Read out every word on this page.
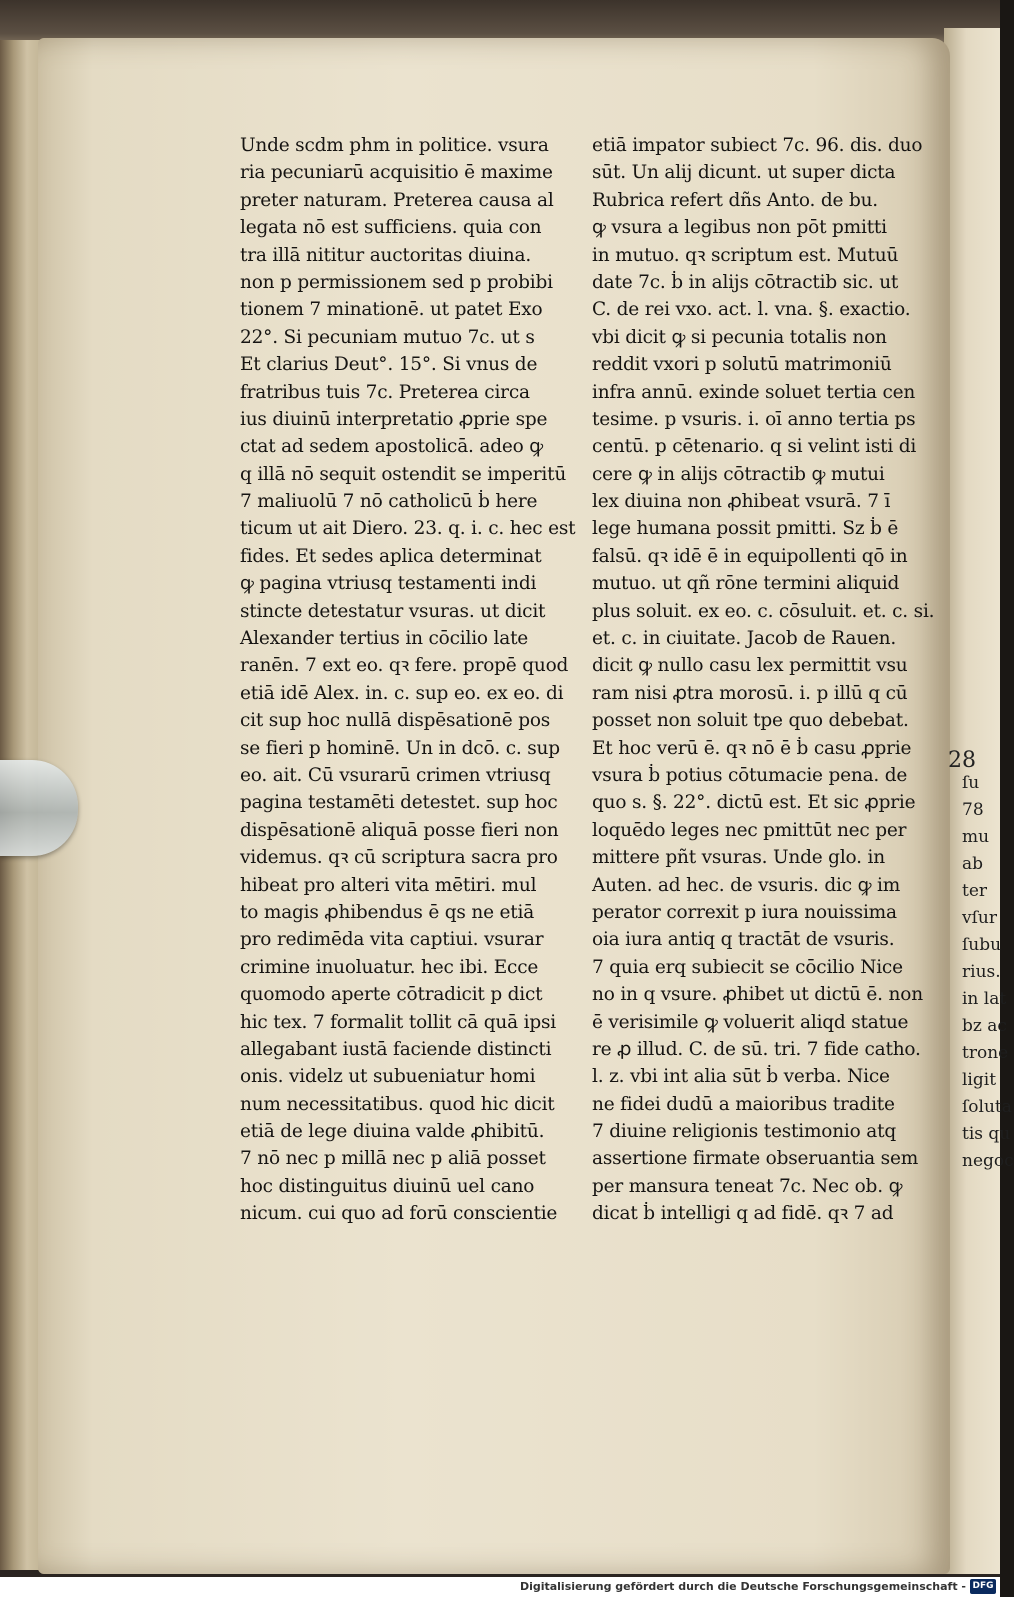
Unde scdm phm in politice. vsura
ria pecuniarū acquisitio ē maxime
preter naturam. Preterea causa al
legata nō est sufficiens. quia con
tra illā nititur auctoritas diuina.
non p permissionem sed p probibi
tionem 7 minationē. ut patet Exo
22°. Si pecuniam mutuo 7c. ut s
Et clarius Deut°. 15°. Si vnus de
fratribus tuis 7c. Preterea circa
ius diuinū interpretatio ꝓprie spe
ctat ad sedem apostolicā. adeo ꝙ
q illā nō sequit ostendit se imperitū
7 maliuolū 7 nō catholicū ḃ here
ticum ut ait Diero. 23. q. i. c. hec est
fides. Et sedes aplica determinat
ꝙ pagina vtriusq testamenti indi
stincte detestatur vsuras. ut dicit
Alexander tertius in cōcilio late
ranēn. 7 ext eo. qꝛ fere. propē quod
etiā idē Alex. in. c. sup eo. ex eo. di
cit sup hoc nullā dispēsationē pos
se fieri p hominē. Un in dcō. c. sup
eo. ait. Cū vsurarū crimen vtriusq
pagina testamēti detestet. sup hoc
dispēsationē aliquā posse fieri non
videmus. qꝛ cū scriptura sacra pro
hibeat pro alteri vita mētiri. mul
to magis ꝓhibendus ē qs ne etiā
pro redimēda vita captiui. vsurar
crimine inuoluatur. hec ibi. Ecce
quomodo aperte cōtradicit p dict
hic tex. 7 formalit tollit cā quā ipsi
allegabant iustā faciende distincti
onis. videlz ut subueniatur homi
num necessitatibus. quod hic dicit
etiā de lege diuina valde ꝓhibitū.
7 nō nec p millā nec p aliā posset
hoc distinguitus diuinū uel cano
nicum. cui quo ad forū conscientie
etiā impator subiect 7c. 96. dis. duo
sūt. Un alij dicunt. ut super dicta
Rubrica refert dñs Anto. de bu.
ꝙ vsura a legibus non pōt pmitti
in mutuo. qꝛ scriptum est. Mutuū
date 7c. ḃ in alijs cōtractib sic. ut
C. de rei vxo. act. l. vna. §. exactio.
vbi dicit ꝙ si pecunia totalis non
reddit vxori p solutū matrimoniū
infra annū. exinde soluet tertia cen
tesime. p vsuris. i. oī anno tertia ps
centū. p cētenario. q si velint isti di
cere ꝙ in alijs cōtractib ꝙ mutui
lex diuina non ꝓhibeat vsurā. 7 ī
lege humana possit pmitti. Sz ḃ ē
falsū. qꝛ idē ē in equipollenti qō in
mutuo. ut qñ rōne termini aliquid
plus soluit. ex eo. c. cōsuluit. et. c. si.
et. c. in ciuitate. Jacob de Rauen.
dicit ꝙ nullo casu lex permittit vsu
ram nisi ꝓtra morosū. i. p illū q cū
posset non soluit tpe quo debebat.
Et hoc verū ē. qꝛ nō ē ḃ casu ꝓprie
vsura ḃ potius cōtumacie pena. de
quo s. §. 22°. dictū est. Et sic ꝓprie
loquēdo leges nec pmittūt nec per
mittere pñt vsuras. Unde glo. in
Auten. ad hec. de vsuris. dic ꝙ im
perator correxit p iura nouissima
oia iura antiq q tractāt de vsuris.
7 quia erq subiecit se cōcilio Nice
no in q vsure. ꝓhibet ut dictū ē. non
ē verisimile ꝙ voluerit aliqd statue
re ꝓ illud. C. de sū. tri. 7 fide catho.
l. z. vbi int alia sūt ḃ verba. Nice
ne fidei dudū a maioribus tradite
7 diuine religionis testimonio atq
assertione firmate obseruantia sem
per mansura teneat 7c. Nec ob. ꝙ
dicat ḃ intelligi q ad fidē. qꝛ 7 ad
28
ſu
78
mu
ab
ter
vſur
ſubu
rius.
in lat
bz ac
trone
ligit
ſoluta
tis qu
negoc
Digitalisierung gefördert durch die Deutsche Forschungsgemeinschaft - DFG
